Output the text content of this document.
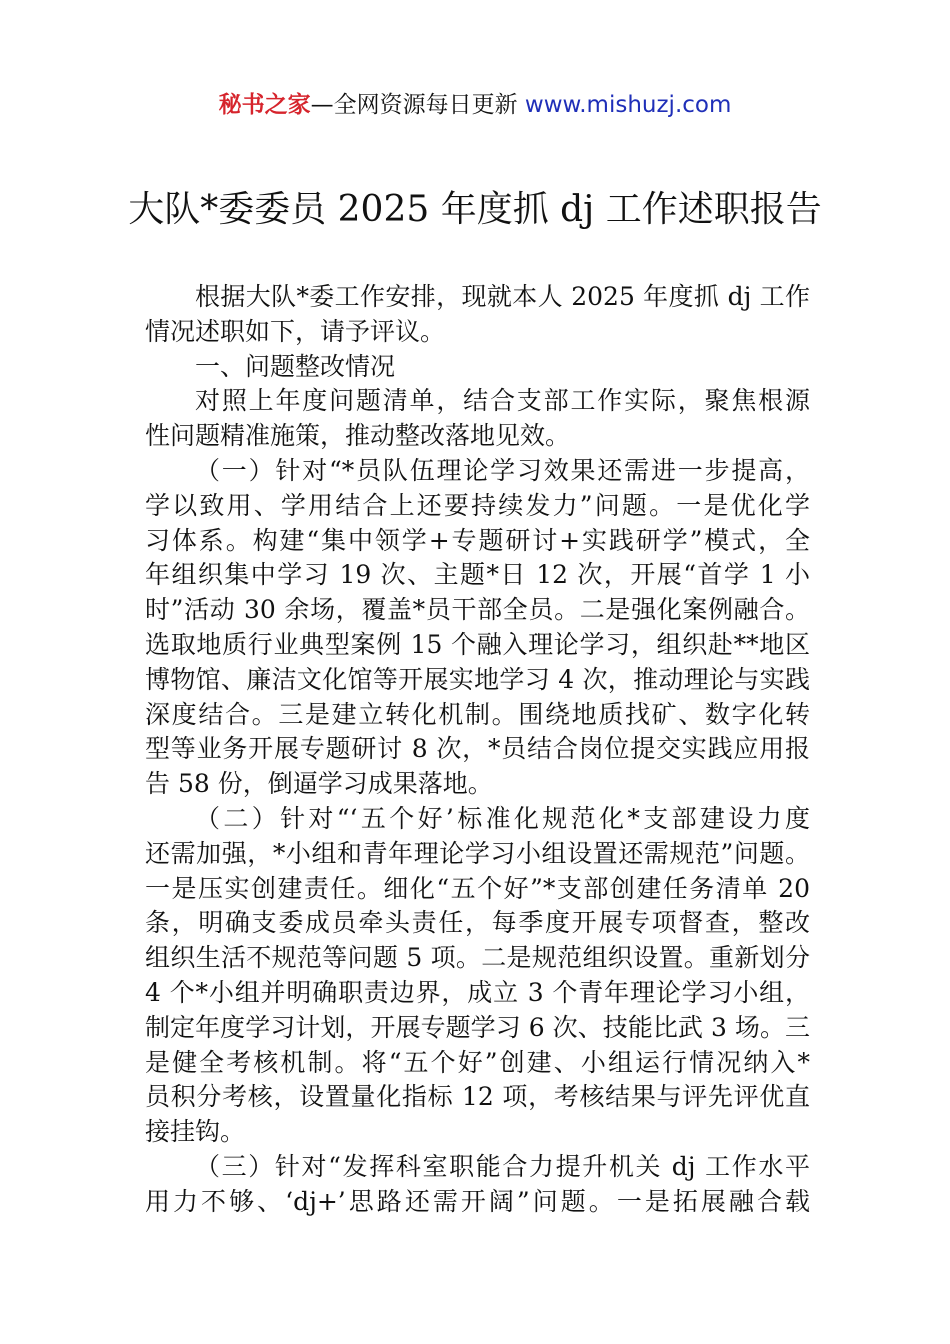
秘书之家—全网资源每日更新 www.mishuzj.com
大队*委委员 2025 年度抓 dj 工作述职报告
根据大队*委工作安排，现就本人 2025 年度抓 dj 工作
情况述职如下，请予评议。
一、问题整改情况
对照上年度问题清单，结合支部工作实际，聚焦根源
性问题精准施策，推动整改落地见效。
（一）针对“*员队伍理论学习效果还需进一步提高，
学以致用、学用结合上还要持续发力”问题。一是优化学
习体系。构建“集中领学+专题研讨+实践研学”模式，全
年组织集中学习 19 次、主题*日 12 次，开展“首学 1 小
时”活动 30 余场，覆盖*员干部全员。二是强化案例融合。
选取地质行业典型案例 15 个融入理论学习，组织赴**地区
博物馆、廉洁文化馆等开展实地学习 4 次，推动理论与实践
深度结合。三是建立转化机制。围绕地质找矿、数字化转
型等业务开展专题研讨 8 次，*员结合岗位提交实践应用报
告 58 份，倒逼学习成果落地。
（二）针对“‘五个好’标准化规范化*支部建设力度
还需加强，*小组和青年理论学习小组设置还需规范”问题。
一是压实创建责任。细化“五个好”*支部创建任务清单 20
条，明确支委成员牵头责任，每季度开展专项督查，整改
组织生活不规范等问题 5 项。二是规范组织设置。重新划分
4 个*小组并明确职责边界，成立 3 个青年理论学习小组，
制定年度学习计划，开展专题学习 6 次、技能比武 3 场。三
是健全考核机制。将“五个好”创建、小组运行情况纳入*
员积分考核，设置量化指标 12 项，考核结果与评先评优直
接挂钩。
（三）针对“发挥科室职能合力提升机关 dj 工作水平
用力不够、‘dj+’思路还需开阔”问题。一是拓展融合载
